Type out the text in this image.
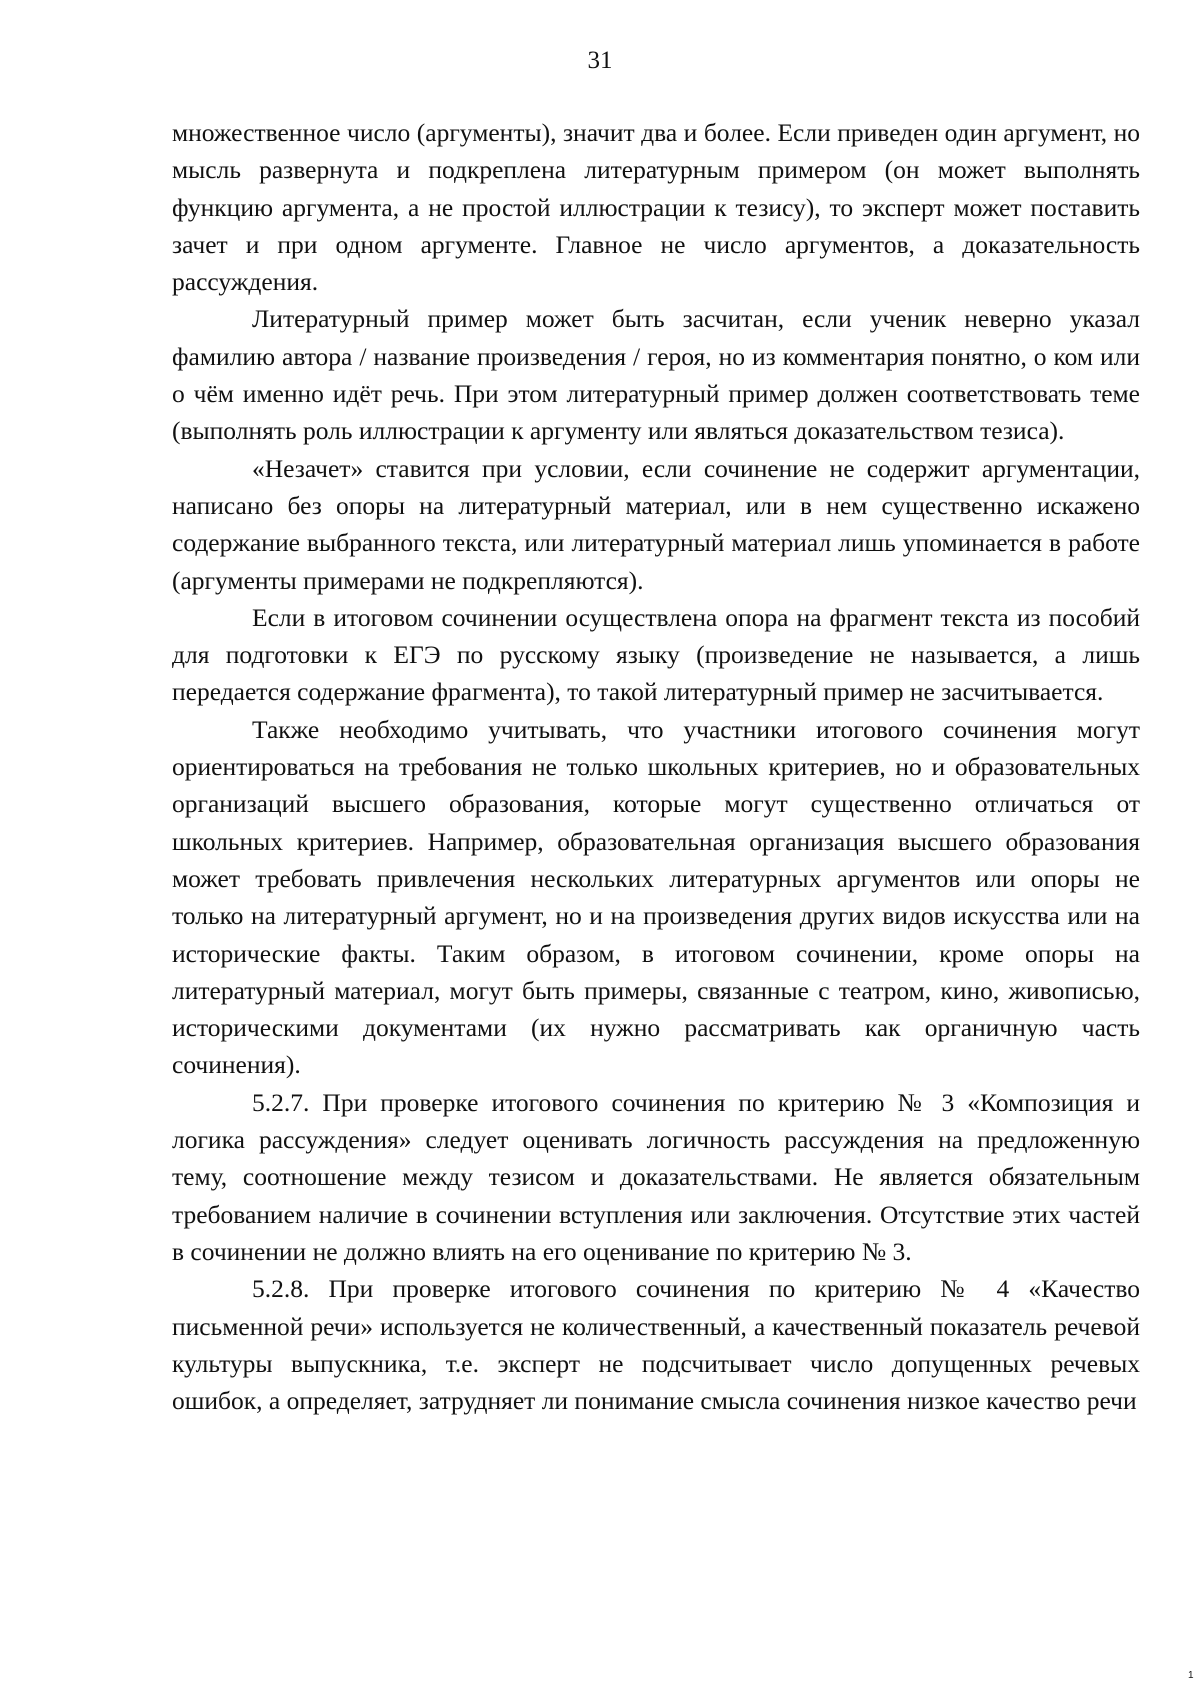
31

множественное число (аргументы), значит два и более. Если приведен один аргумент, но мысль развернута и подкреплена литературным примером (он может выполнять функцию аргумента, а не простой иллюстрации к тезису), то эксперт может поставить зачет и при одном аргументе. Главное не число аргументов, а доказательность рассуждения.

Литературный пример может быть засчитан, если ученик неверно указал фамилию автора / название произведения / героя, но из комментария понятно, о ком или о чём именно идёт речь. При этом литературный пример должен соответствовать теме (выполнять роль иллюстрации к аргументу или являться доказательством тезиса).

«Незачет» ставится при условии, если сочинение не содержит аргументации, написано без опоры на литературный материал, или в нем существенно искажено содержание выбранного текста, или литературный материал лишь упоминается в работе (аргументы примерами не подкрепляются).

Если в итоговом сочинении осуществлена опора на фрагмент текста из пособий для подготовки к ЕГЭ по русскому языку (произведение не называется, а лишь передается содержание фрагмента), то такой литературный пример не засчитывается.

Также необходимо учитывать, что участники итогового сочинения могут ориентироваться на требования не только школьных критериев, но и образовательных организаций высшего образования, которые могут существенно отличаться от школьных критериев. Например, образовательная организация высшего образования может требовать привлечения нескольких литературных аргументов или опоры не только на литературный аргумент, но и на произведения других видов искусства или на исторические факты. Таким образом, в итоговом сочинении, кроме опоры на литературный материал, могут быть примеры, связанные с театром, кино, живописью, историческими документами (их нужно рассматривать как органичную часть сочинения).

5.2.7. При проверке итогового сочинения по критерию № 3 «Композиция и логика рассуждения» следует оценивать логичность рассуждения на предложенную тему, соотношение между тезисом и доказательствами. Не является обязательным требованием наличие в сочинении вступления или заключения. Отсутствие этих частей в сочинении не должно влиять на его оценивание по критерию № 3.

5.2.8. При проверке итогового сочинения по критерию № 4 «Качество письменной речи» используется не количественный, а качественный показатель речевой культуры выпускника, т.е. эксперт не подсчитывает число допущенных речевых ошибок, а определяет, затрудняет ли понимание смысла сочинения низкое качество речи

1
